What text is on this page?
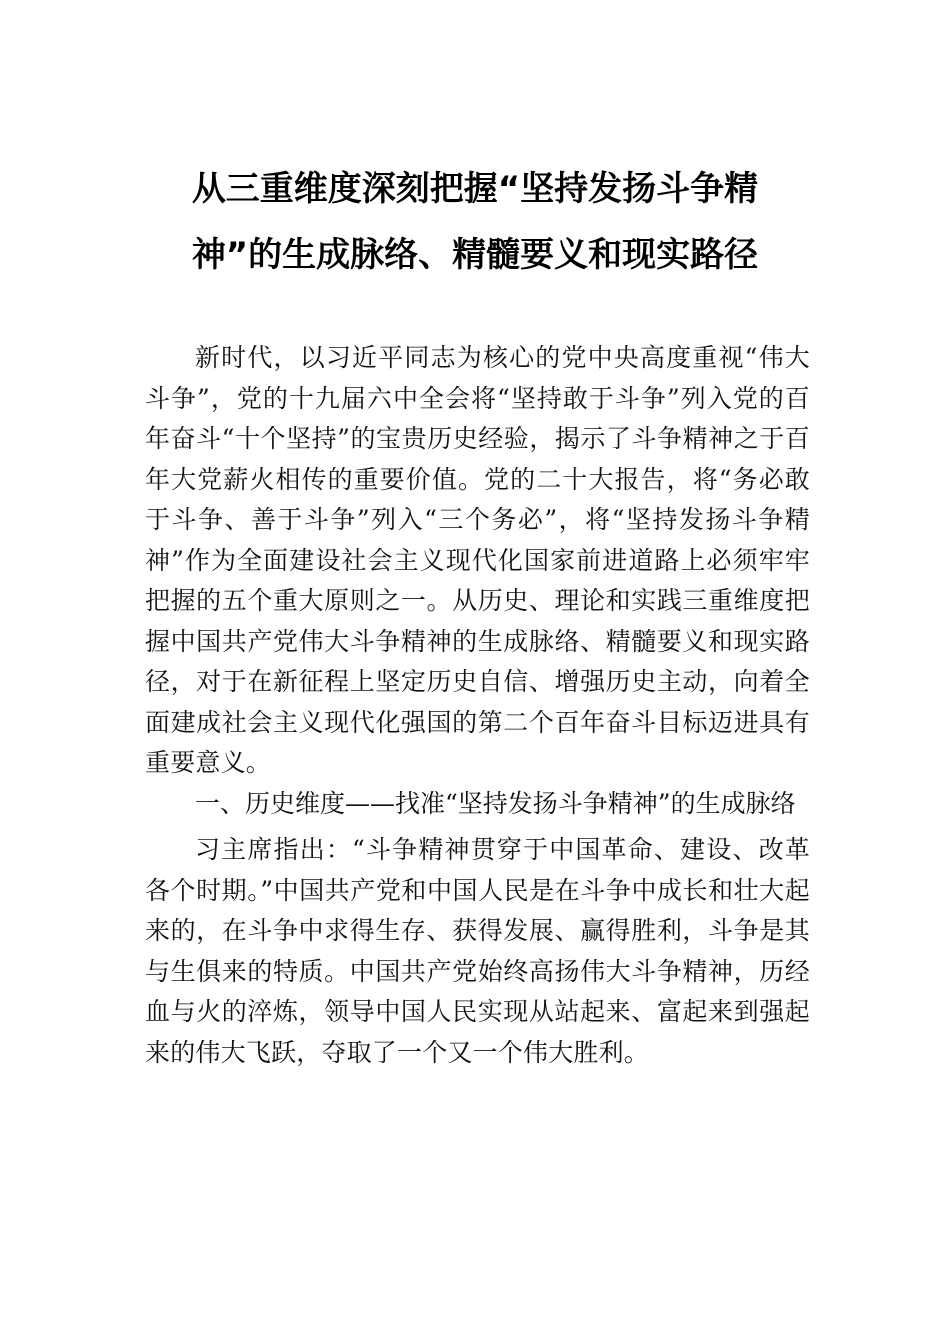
从三重维度深刻把握“坚持发扬斗争精
神”的生成脉络、精髓要义和现实路径

新时代，以习近平同志为核心的党中央高度重视“伟大斗争”，党的十九届六中全会将“坚持敢于斗争”列入党的百年奋斗“十个坚持”的宝贵历史经验，揭示了斗争精神之于百年大党薪火相传的重要价值。党的二十大报告，将“务必敢于斗争、善于斗争”列入“三个务必”，将“坚持发扬斗争精神”作为全面建设社会主义现代化国家前进道路上必须牢牢把握的五个重大原则之一。从历史、理论和实践三重维度把握中国共产党伟大斗争精神的生成脉络、精髓要义和现实路径，对于在新征程上坚定历史自信、增强历史主动，向着全面建成社会主义现代化强国的第二个百年奋斗目标迈进具有重要意义。

一、历史维度——找准“坚持发扬斗争精神”的生成脉络

习主席指出：“斗争精神贯穿于中国革命、建设、改革各个时期。”中国共产党和中国人民是在斗争中成长和壮大起 来的，在斗争中求得生存、获得发展、赢得胜利，斗争是其与生俱来的特质。中国共产党始终高扬伟大斗争精神，历经血与火的淬炼，领导中国人民实现从站起来、富起来到强起来的伟大飞跃，夺取了一个又一个伟大胜利。
